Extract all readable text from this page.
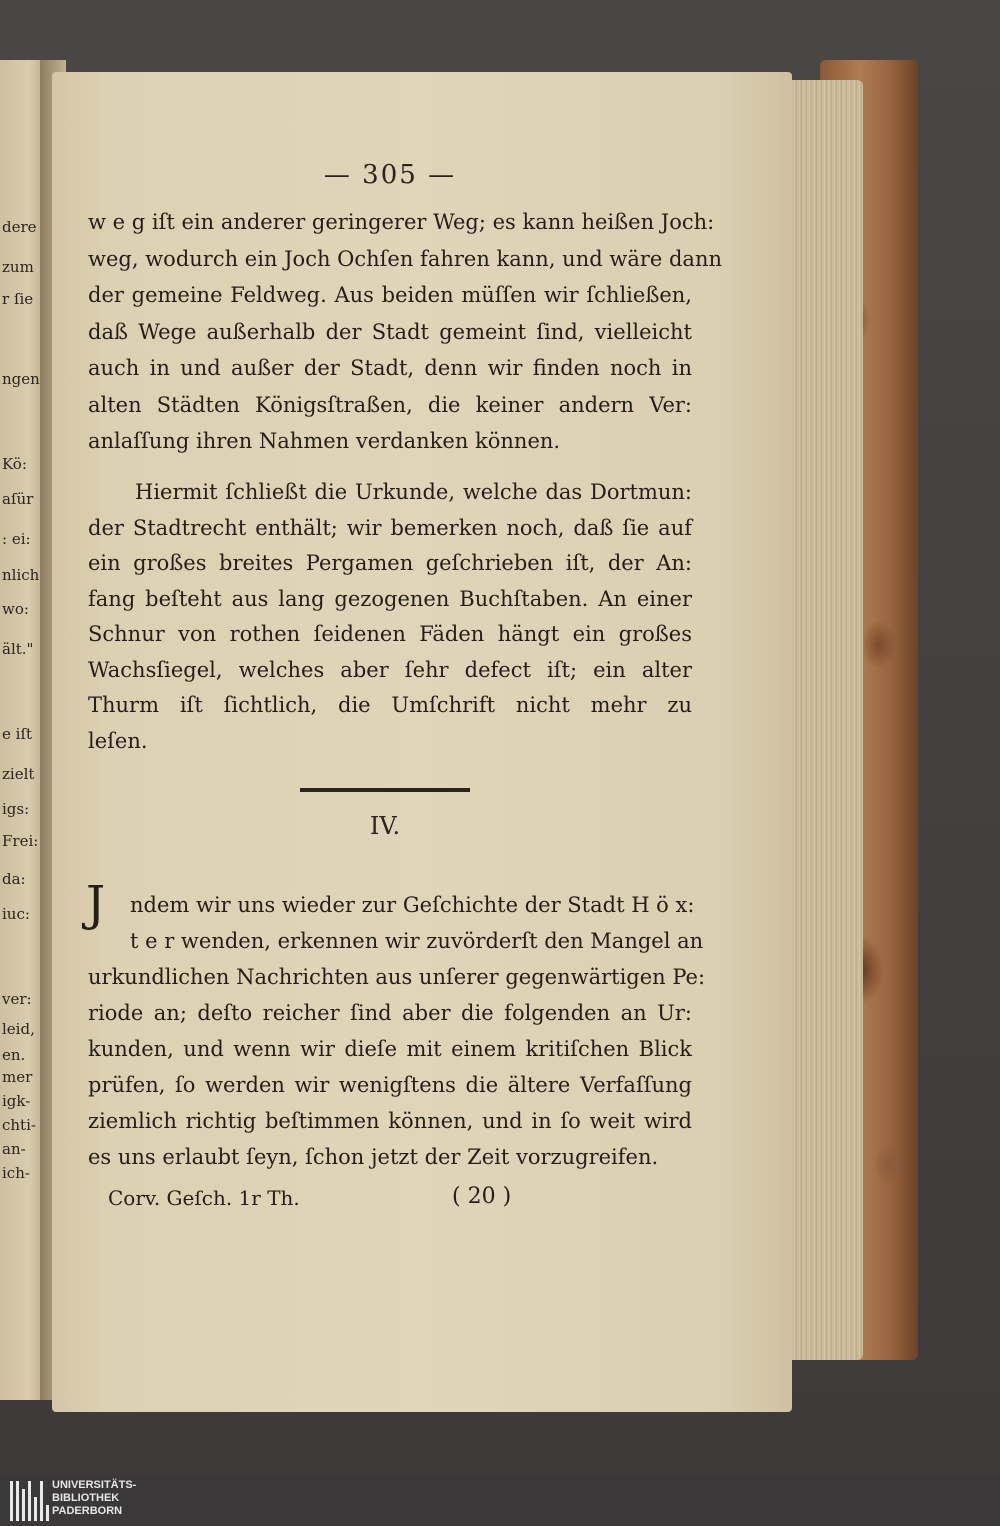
— 305 —
w e g iſt ein anderer geringerer Weg; es kann heißen Joch:
weg, wodurch ein Joch Ochſen fahren kann, und wäre dann
der gemeine Feldweg. Aus beiden müſſen wir ſchließen,
daß Wege außerhalb der Stadt gemeint ſind, vielleicht
auch in und außer der Stadt, denn wir finden noch in
alten Städten Königsſtraßen, die keiner andern Ver:
anlaſſung ihren Nahmen verdanken können.
Hiermit ſchließt die Urkunde, welche das Dortmun:
der Stadtrecht enthält; wir bemerken noch, daß ſie auf
ein großes breites Pergamen geſchrieben iſt, der An:
fang beſteht aus lang gezogenen Buchſtaben. An einer
Schnur von rothen ſeidenen Fäden hängt ein großes
Wachsſiegel, welches aber ſehr defect iſt; ein alter
Thurm iſt ſichtlich, die Umſchrift nicht mehr zu
leſen.
IV.
J ndem wir uns wieder zur Geſchichte der Stadt H ö x:
t e r wenden, erkennen wir zuvörderſt den Mangel an
urkundlichen Nachrichten aus unſerer gegenwärtigen Pe:
riode an; deſto reicher ſind aber die folgenden an Ur:
kunden, und wenn wir dieſe mit einem kritiſchen Blick
prüfen, ſo werden wir wenigſtens die ältere Verfaſſung
ziemlich richtig beſtimmen können, und in ſo weit wird
es uns erlaubt ſeyn, ſchon jetzt der Zeit vorzugreifen.
Corv. Geſch. 1r Th.	( 20 )
dere
zum
r ſie
ngen
Kö:
aſür
: ei:
nlich
wo:
ält."
e iſt
zielt
igs:
Frei:
da:
iuc:
ver:
leid,
en.
mer
igk-
chti-
an-
ich-
UNIVERSITÄTS-
BIBLIOTHEK
PADERBORN
